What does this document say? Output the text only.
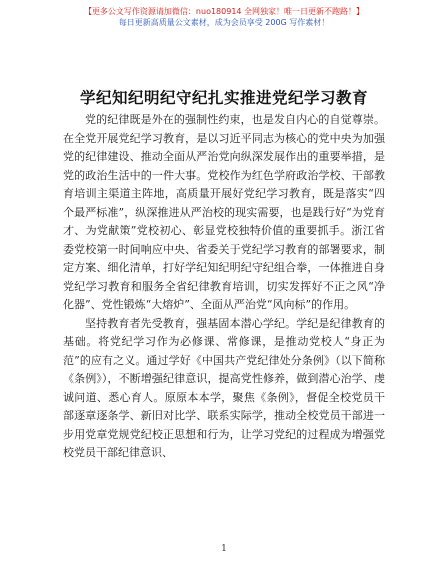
【更多公文写作资源请加微信：nuo180914 全网独家！唯一日更新不跑路！】
每日更新高质量公文素材，成为会员享受 200G 写作素材！
学纪知纪明纪守纪扎实推进党纪学习教育

党的纪律既是外在的强制性约束，也是发自内心的自觉尊崇。在全党开展党纪学习教育，是以习近平同志为核心的党中央为加强党的纪律建设、推动全面从严治党向纵深发展作出的重要举措，是党的政治生活中的一件大事。党校作为红色学府政治学校、干部教育培训主渠道主阵地，高质量开展好党纪学习教育，既是落实“四个最严标准”，纵深推进从严治校的现实需要，也是践行好“为党育才、为党献策”党校初心、彰显党校独特价值的重要抓手。浙江省委党校第一时间响应中央、省委关于党纪学习教育的部署要求，制定方案、细化清单，打好学纪知纪明纪守纪组合拳，一体推进自身党纪学习教育和服务全省纪律教育培训，切实发挥好不正之风“净化器”、党性锻炼“大熔炉”、全面从严治党“风向标”的作用。

坚持教育者先受教育，强基固本潜心学纪。学纪是纪律教育的基础。将党纪学习作为必修课、常修课，是推动党校人“身正为范”的应有之义。通过学好《中国共产党纪律处分条例》（以下简称《条例》），不断增强纪律意识，提高党性修养，做到潜心治学、虔诚问道、悉心育人。原原本本学，聚焦《条例》，督促全校党员干部逐章逐条学、新旧对比学、联系实际学，推动全校党员干部进一步用党章党规党纪校正思想和行为，让学习党纪的过程成为增强党校党员干部纪律意识、

1
